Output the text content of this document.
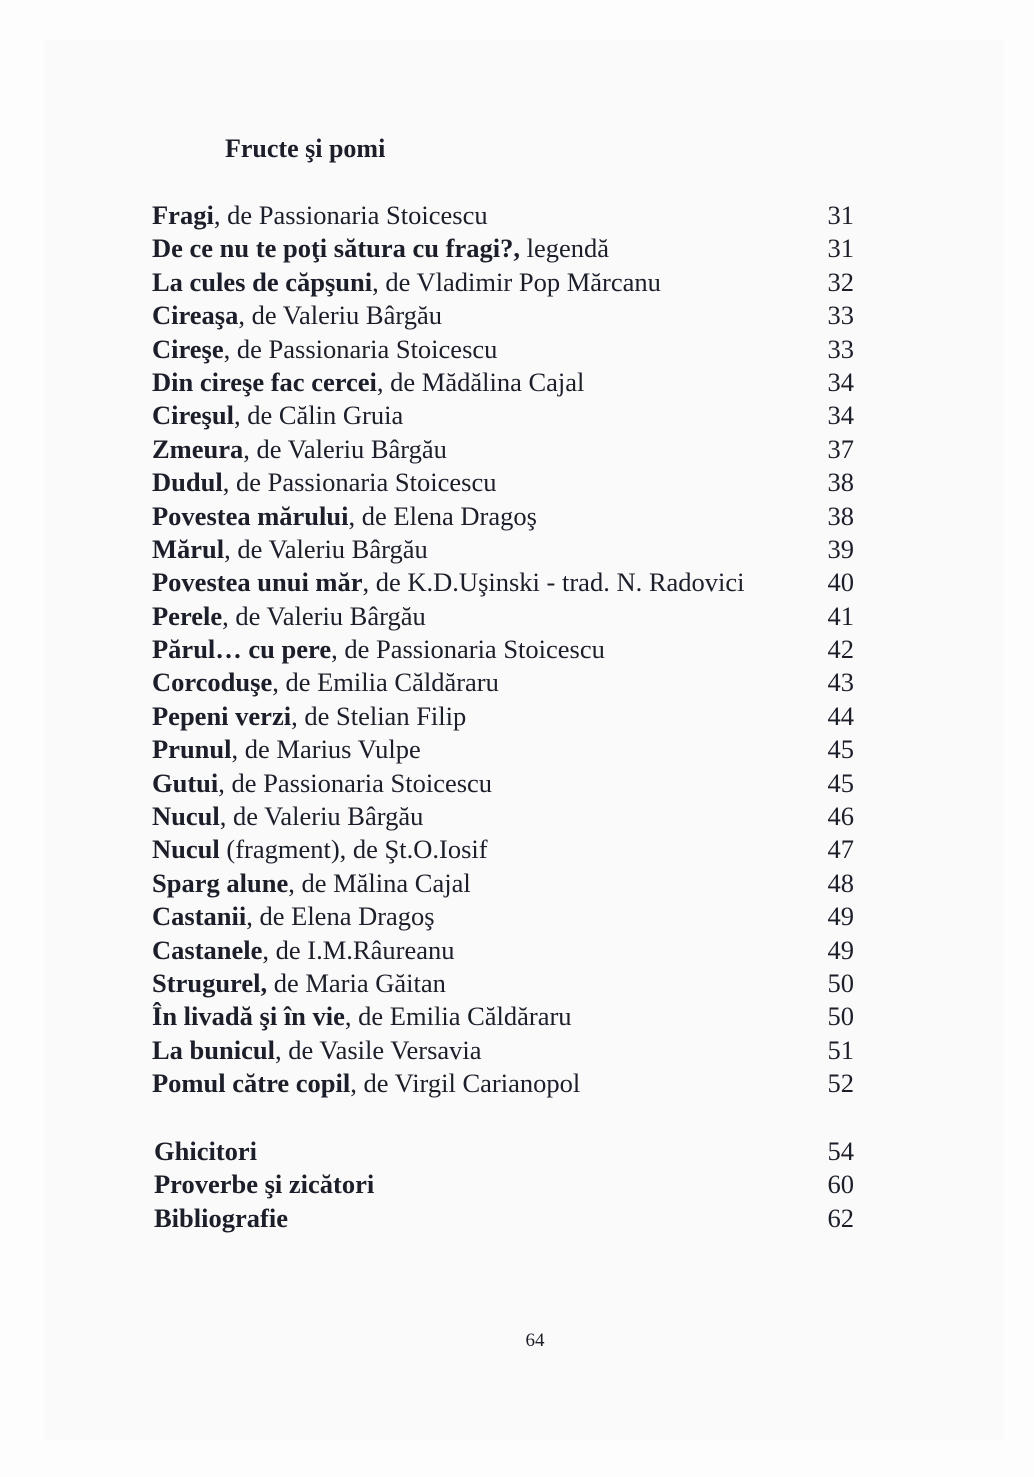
Fructe şi pomi
Fragi, de Passionaria Stoicescu	31
De ce nu te poţi sătura cu fragi?, legendă	31
La cules de căpşuni, de Vladimir Pop Mărcanu	32
Cireaşa, de Valeriu Bârgău	33
Cireşe, de Passionaria Stoicescu	33
Din cireşe fac cercei, de Mădălina Cajal	34
Cireşul, de Călin Gruia	34
Zmeura, de Valeriu Bârgău	37
Dudul, de Passionaria Stoicescu	38
Povestea mărului, de Elena Dragoş	38
Mărul, de Valeriu Bârgău	39
Povestea unui măr, de K.D.Uşinski - trad. N. Radovici	40
Perele, de Valeriu Bârgău	41
Părul… cu pere, de Passionaria Stoicescu	42
Corcoduşe, de Emilia Căldăraru	43
Pepeni verzi, de Stelian Filip	44
Prunul, de Marius Vulpe	45
Gutui, de Passionaria Stoicescu	45
Nucul, de Valeriu Bârgău	46
Nucul (fragment), de Şt.O.Iosif	47
Sparg alune, de Mălina Cajal	48
Castanii, de Elena Dragoş	49
Castanele, de I.M.Râureanu	49
Strugurel, de Maria Găitan	50
În livadă şi în vie, de Emilia Căldăraru	50
La bunicul, de Vasile Versavia	51
Pomul către copil, de Virgil Carianopol	52
Ghicitori	54
Proverbe şi zicători	60
Bibliografie	62
64
